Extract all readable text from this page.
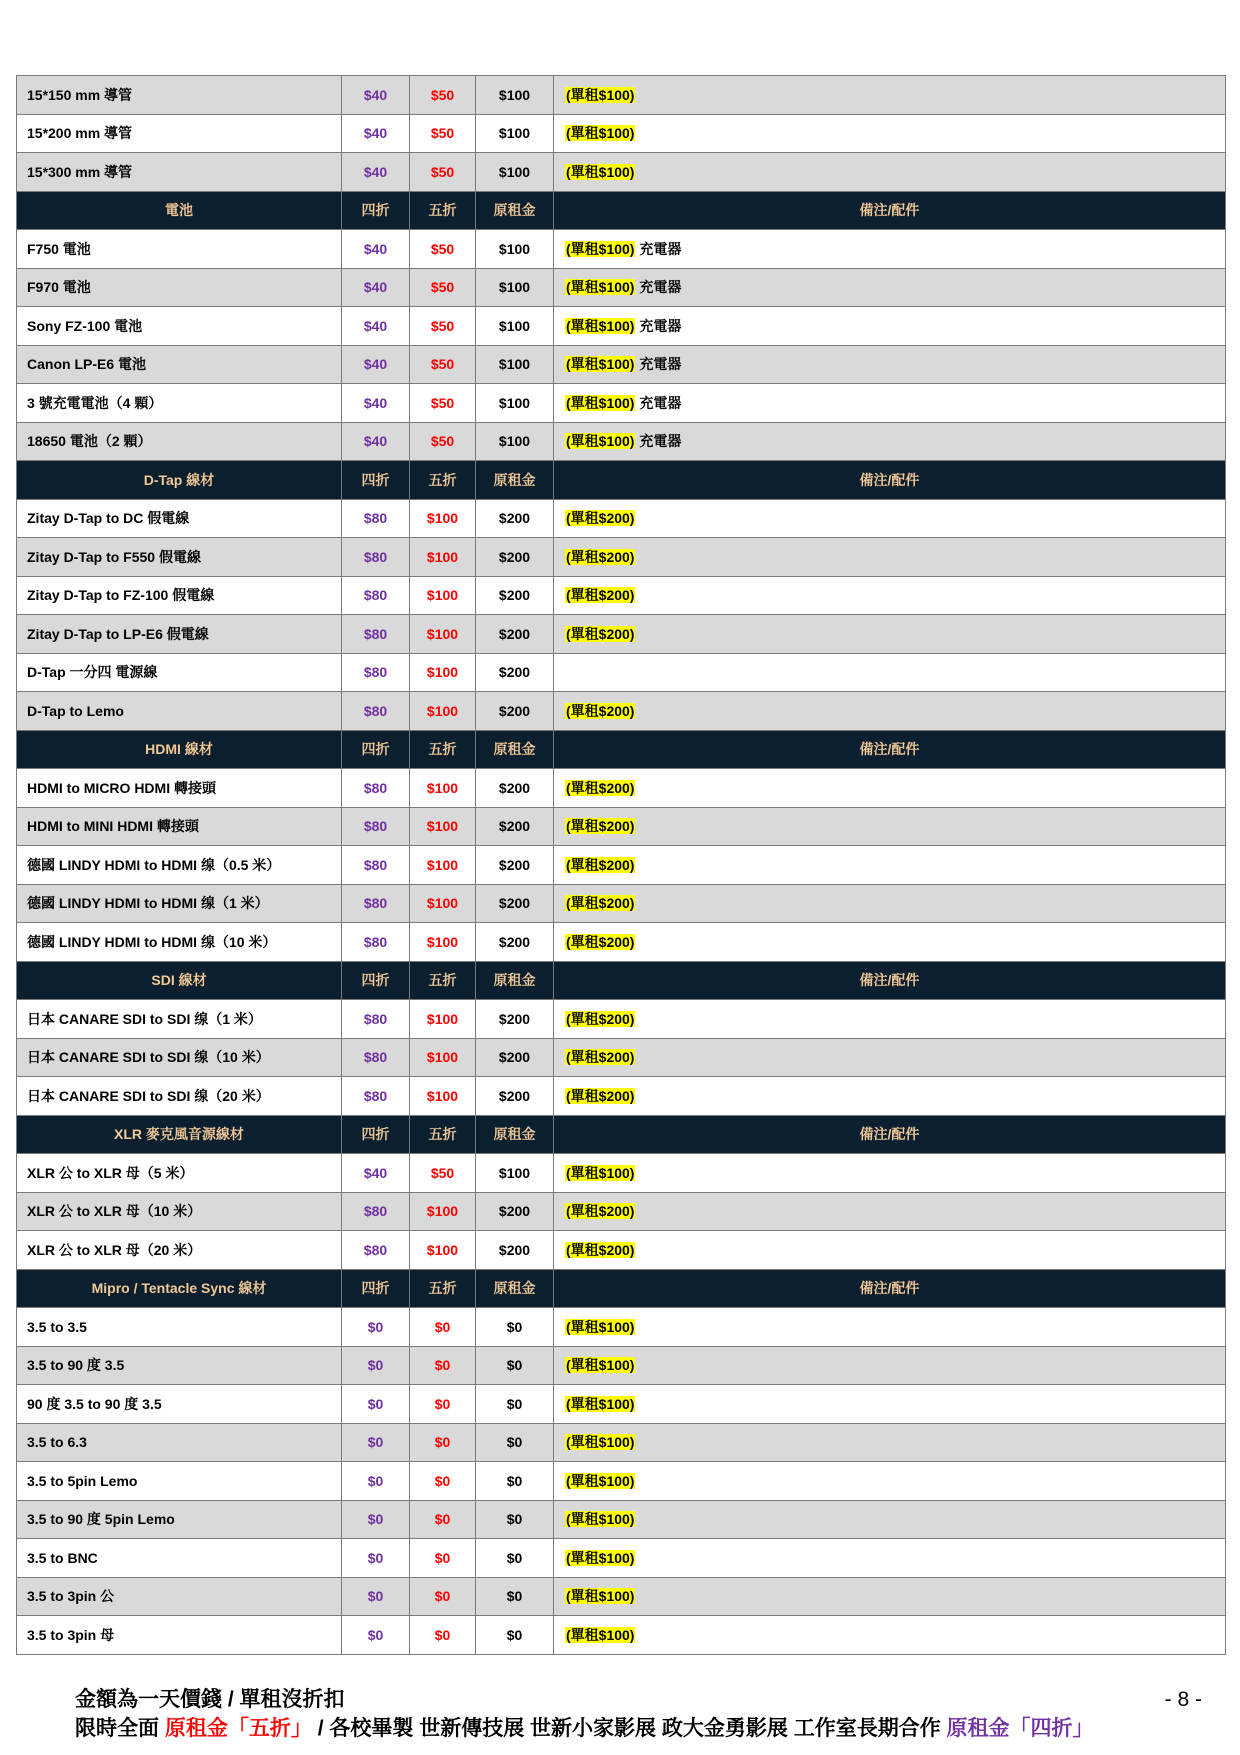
15*150 mm 導管	$40	$50	$100	(單租$100)
15*200 mm 導管	$40	$50	$100	(單租$100)
15*300 mm 導管	$40	$50	$100	(單租$100)
電池	四折	五折	原租金	備注/配件
F750 電池	$40	$50	$100	(單租$100) 充電器
F970 電池	$40	$50	$100	(單租$100) 充電器
Sony FZ-100 電池	$40	$50	$100	(單租$100) 充電器
Canon LP-E6 電池	$40	$50	$100	(單租$100) 充電器
3 號充電電池（4 顆）	$40	$50	$100	(單租$100) 充電器
18650 電池（2 顆）	$40	$50	$100	(單租$100) 充電器
D-Tap 線材	四折	五折	原租金	備注/配件
Zitay D-Tap to DC 假電線	$80	$100	$200	(單租$200)
Zitay D-Tap to F550 假電線	$80	$100	$200	(單租$200)
Zitay D-Tap to FZ-100 假電線	$80	$100	$200	(單租$200)
Zitay D-Tap to LP-E6 假電線	$80	$100	$200	(單租$200)
D-Tap 一分四 電源線	$80	$100	$200	
D-Tap to Lemo	$80	$100	$200	(單租$200)
HDMI 線材	四折	五折	原租金	備注/配件
HDMI to MICRO HDMI 轉接頭	$80	$100	$200	(單租$200)
HDMI to MINI HDMI 轉接頭	$80	$100	$200	(單租$200)
德國 LINDY HDMI to HDMI 缐（0.5 米）	$80	$100	$200	(單租$200)
德國 LINDY HDMI to HDMI 缐（1 米）	$80	$100	$200	(單租$200)
德國 LINDY HDMI to HDMI 缐（10 米）	$80	$100	$200	(單租$200)
SDI 線材	四折	五折	原租金	備注/配件
日本 CANARE SDI to SDI 缐（1 米）	$80	$100	$200	(單租$200)
日本 CANARE SDI to SDI 缐（10 米）	$80	$100	$200	(單租$200)
日本 CANARE SDI to SDI 缐（20 米）	$80	$100	$200	(單租$200)
XLR 麥克風音源線材	四折	五折	原租金	備注/配件
XLR 公 to XLR 母（5 米）	$40	$50	$100	(單租$100)
XLR 公 to XLR 母（10 米）	$80	$100	$200	(單租$200)
XLR 公 to XLR 母（20 米）	$80	$100	$200	(單租$200)
Mipro / Tentacle Sync 線材	四折	五折	原租金	備注/配件
3.5 to 3.5	$0	$0	$0	(單租$100)
3.5 to 90 度 3.5	$0	$0	$0	(單租$100)
90 度 3.5 to 90 度 3.5	$0	$0	$0	(單租$100)
3.5 to 6.3	$0	$0	$0	(單租$100)
3.5 to 5pin Lemo	$0	$0	$0	(單租$100)
3.5 to 90 度 5pin Lemo	$0	$0	$0	(單租$100)
3.5 to BNC	$0	$0	$0	(單租$100)
3.5 to 3pin 公	$0	$0	$0	(單租$100)
3.5 to 3pin 母	$0	$0	$0	(單租$100)
金額為一天價錢 / 單租沒折扣	- 8 -
限時全面 原租金「五折」 / 各校畢製 世新傳技展 世新小家影展 政大金勇影展 工作室長期合作 原租金「四折」
